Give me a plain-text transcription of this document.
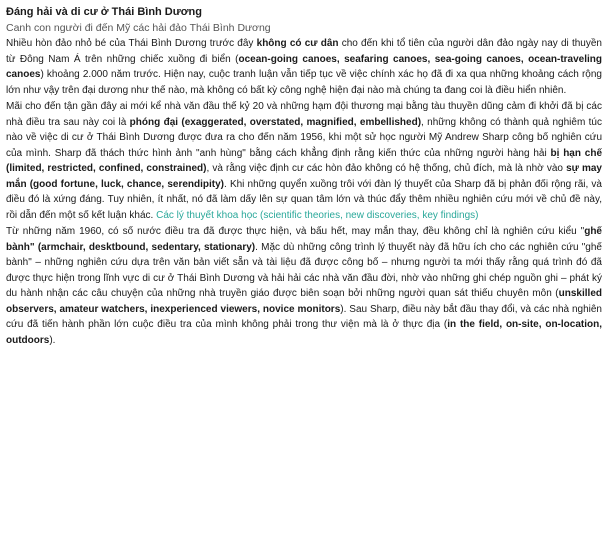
Đáng hải và di cư ở Thái Bình Dương
Canh con người đi đến Mỹ các hải đảo Thái Bình Dương

Nhiều hòn đảo nhỏ bé của Thái Bình Dương trước đây không có cư dân cho đến khi tổ tiên của người dân đảo ngày nay di thuyền từ Đông Nam Á trên những chiếc xuồng đi biển (ocean-going canoes, seafaring canoes, sea-going canoes, ocean-traveling canoes) khoảng 2.000 năm trước. Hiện nay, cuộc tranh luận vẫn tiếp tục về việc chính xác họ đã đi xa qua những khoảng cách rộng lớn như vậy trên đại dương như thế nào, mà không có bất kỳ công nghệ hiện đại nào mà chúng ta đang coi là điều hiển nhiên.

Mãi cho đến tận gần đây ai mới kể nhà văn đầu thế kỷ 20 và những hạm đội thương mại bằng tàu thuyền dũng cảm đi khởi đã bị các nhà điều tra sau này coi là phóng đại (exaggerated, overstated, magnified, embellished), những không có thành quả nghiêm túc nào về việc di cư ở Thái Bình Dương được đưa ra cho đến năm 1956, khi một sử học người Mỹ Andrew Sharp công bố nghiên cứu của mình. Sharp đã thách thức hình ảnh "anh hùng" bằng cách khẳng định rằng kiến thức của những người hàng hải bị hạn chế (limited, restricted, confined, constrained), và rằng việc định cư các hòn đảo không có hệ thống, chủ đích, mà là nhờ vào sự may mắn (good fortune, luck, chance, serendipity). Khi những quyển xuồng trôi với đàn lý thuyết của Sharp đã bị phản đối rộng rãi, và điều đó là xứng đáng. Tuy nhiên, ít nhất, nó đã làm dấy lên sự quan tâm lớn và thúc đẩy thêm nhiều nghiên cứu mới về chủ đề này, rồi dẫn đến một số kết luận khác. Các lý thuyết khoa học (scientific theories, new discoveries, key findings)

Từ những năm 1960, có số nước điều tra đã được thực hiện, và bấu hết, may mắn thay, đều không chỉ là nghiên cứu kiểu "ghế bành" (armchair, desktbound, sedentary, stationary). Mặc dù những công trình lý thuyết này đã hữu ích cho các nghiên cứu "ghế bành" – những nghiên cứu dựa trên văn bản viết sẵn và tài liệu đã được công bố – nhưng người ta mới thấy rằng quá trình đó đã được thực hiện trong lĩnh vực di cư ở Thái Bình Dương và hải hải các nhà văn đầu đời, nhờ vào những ghi chép nguồn ghi – phát ký du hành nhận các câu chuyện của những nhà truyền giáo được biên soạn bởi những người quan sát thiếu chuyên môn (unskilled observers, amateur watchers, inexperienced viewers, novice monitors). Sau Sharp, điều này bắt đầu thay đổi, và các nhà nghiên cứu đã tiến hành phần lớn cuộc điều tra của mình không phải trong thư viện mà là ở thực địa (in the field, on-site, on-location, outdoors).
